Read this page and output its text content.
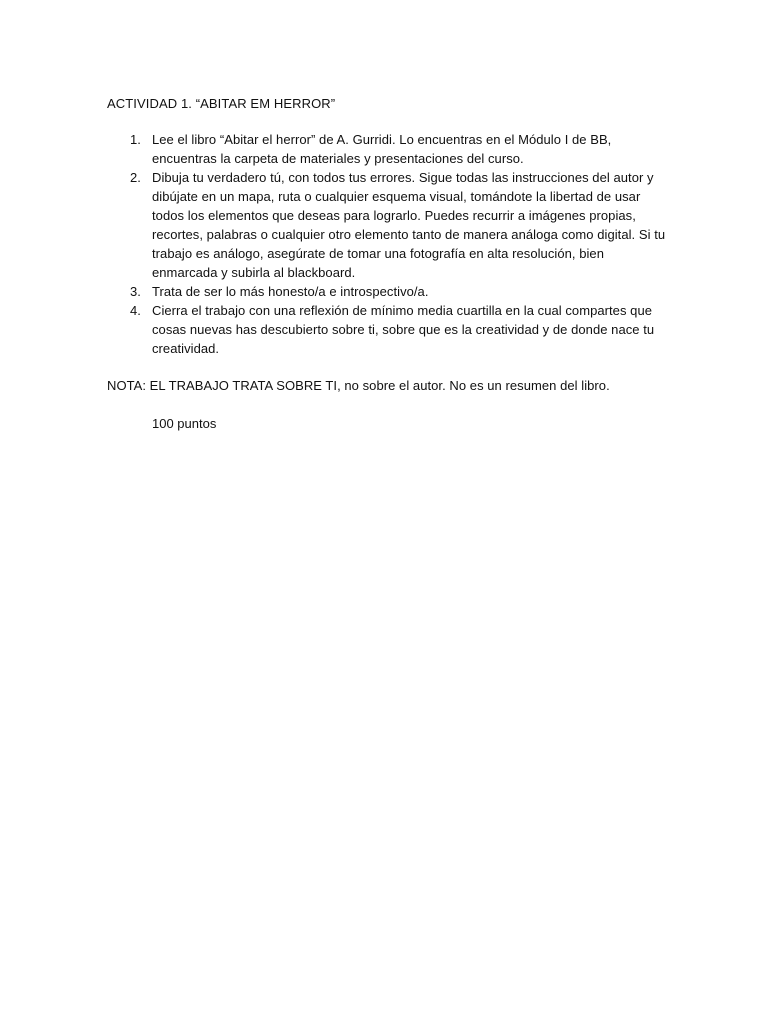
ACTIVIDAD 1. “ABITAR EM HERROR”
1. Lee el libro “Abitar el herror” de A. Gurridi. Lo encuentras en el Módulo I de BB, encuentras la carpeta de materiales y presentaciones del curso.
2. Dibuja tu verdadero tú, con todos tus errores. Sigue todas las instrucciones del autor y dibújate en un mapa, ruta o cualquier esquema visual, tomándote la libertad de usar todos los elementos que deseas para lograrlo. Puedes recurrir a imágenes propias, recortes, palabras o cualquier otro elemento tanto de manera análoga como digital. Si tu trabajo es análogo, asegúrate de tomar una fotografía en alta resolución, bien enmarcada y subirla al blackboard.
3. Trata de ser lo más honesto/a e introspectivo/a.
4. Cierra el trabajo con una reflexión de mínimo media cuartilla en la cual compartes que cosas nuevas has descubierto sobre ti, sobre que es la creatividad y de donde nace tu creatividad.
NOTA: EL TRABAJO TRATA SOBRE TI, no sobre el autor. No es un resumen del libro.
100 puntos
